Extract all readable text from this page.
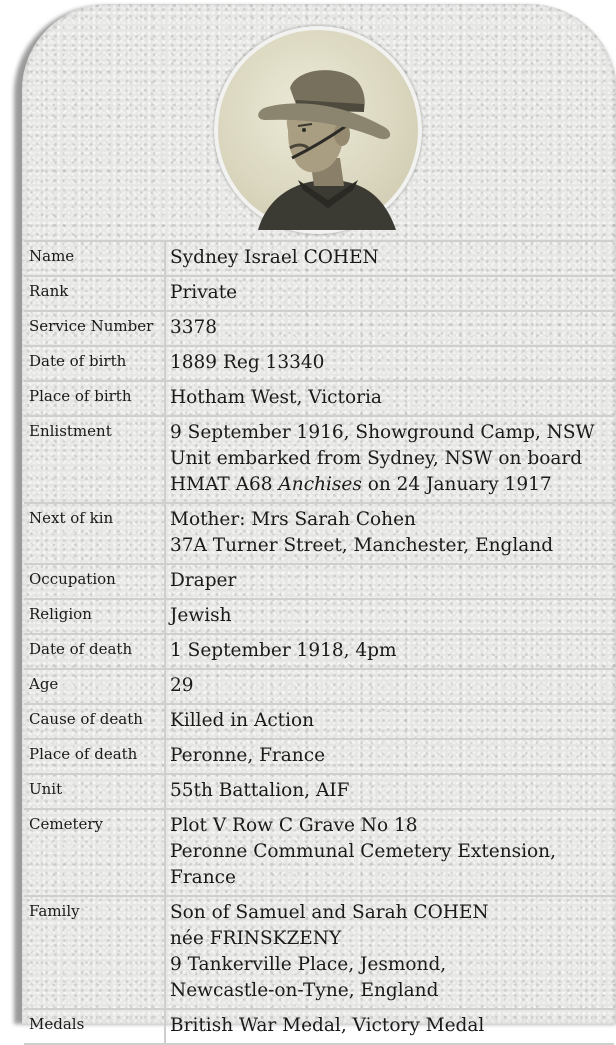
Name	Sydney Israel COHEN

Rank	Private

Service Number	3378

Date of birth	1889 Reg 13340

Place of birth	Hotham West, Victoria

Enlistment	9 September 1916, Showground Camp, NSW
Unit embarked from Sydney, NSW on board
HMAT A68 Anchises on 24 January 1917

Next of kin	Mother: Mrs Sarah Cohen
37A Turner Street, Manchester, England

Occupation	Draper

Religion	Jewish

Date of death	1 September 1918, 4pm

Age	29

Cause of death	Killed in Action

Place of death	Peronne, France

Unit	55th Battalion, AIF

Cemetery	Plot V Row C Grave No 18
Peronne Communal Cemetery Extension,
France

Family	Son of Samuel and Sarah COHEN
née FRINSKZENY
9 Tankerville Place, Jesmond,
Newcastle-on-Tyne, England

Medals	British War Medal, Victory Medal
